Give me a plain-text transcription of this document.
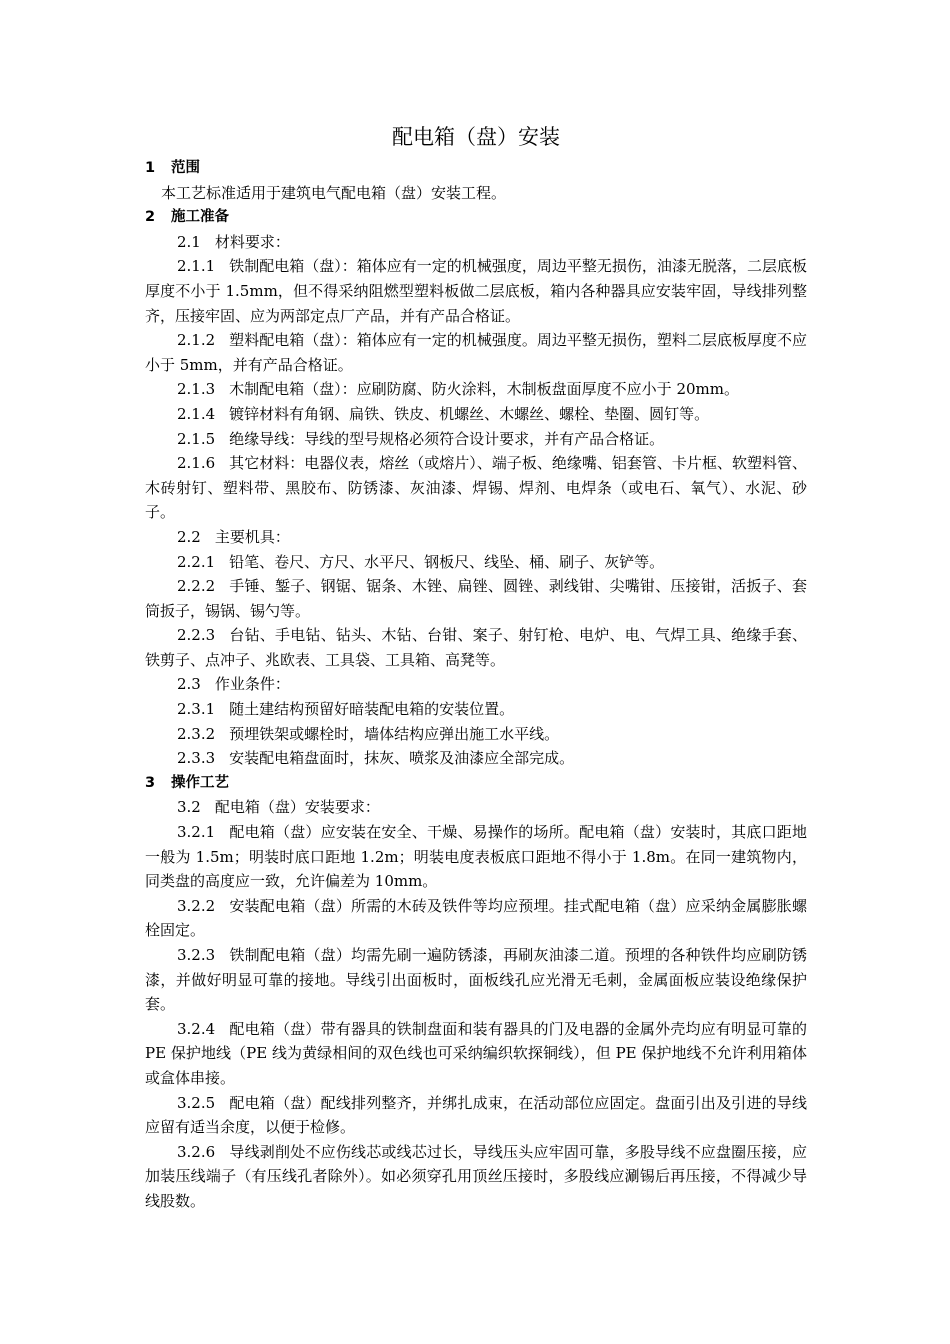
配电箱（盘）安装

1 范围

本工艺标准适用于建筑电气配电箱（盘）安装工程。

2 施工准备

2.1 材料要求：

2.1.1 铁制配电箱（盘）：箱体应有一定的机械强度，周边平整无损伤，油漆无脱落，二层底板厚度不小于 1.5mm，但不得采纳阻燃型塑料板做二层底板，箱内各种器具应安装牢固，导线排列整齐，压接牢固、应为两部定点厂产品，并有产品合格证。

2.1.2 塑料配电箱（盘）：箱体应有一定的机械强度。周边平整无损伤，塑料二层底板厚度不应小于 5mm，并有产品合格证。

2.1.3 木制配电箱（盘）：应刷防腐、防火涂料，木制板盘面厚度不应小于 20mm。

2.1.4 镀锌材料有角钢、扁铁、铁皮、机螺丝、木螺丝、螺栓、垫圈、圆钉等。

2.1.5 绝缘导线：导线的型号规格必须符合设计要求，并有产品合格证。

2.1.6 其它材料：电器仪表，熔丝（或熔片）、端子板、绝缘嘴、铝套管、卡片框、软塑料管、木砖射钉、塑料带、黑胶布、防锈漆、灰油漆、焊锡、焊剂、电焊条（或电石、氧气）、水泥、砂子。

2.2 主要机具：

2.2.1 铅笔、卷尺、方尺、水平尺、钢板尺、线坠、桶、刷子、灰铲等。

2.2.2 手锤、錾子、钢锯、锯条、木锉、扁锉、圆锉、剥线钳、尖嘴钳、压接钳，活扳子、套筒扳子，锡锅、锡勺等。

2.2.3 台钻、手电钻、钻头、木钻、台钳、案子、射钉枪、电炉、电、气焊工具、绝缘手套、铁剪子、点冲子、兆欧表、工具袋、工具箱、高凳等。

2.3 作业条件：

2.3.1 随土建结构预留好暗装配电箱的安装位置。

2.3.2 预埋铁架或螺栓时，墙体结构应弹出施工水平线。

2.3.3 安装配电箱盘面时，抹灰、喷浆及油漆应全部完成。

3 操作工艺

3.2 配电箱（盘）安装要求：

3.2.1 配电箱（盘）应安装在安全、干燥、易操作的场所。配电箱（盘）安装时，其底口距地一般为 1.5m；明装时底口距地 1.2m；明装电度表板底口距地不得小于 1.8m。在同一建筑物内，同类盘的高度应一致，允许偏差为 10mm。

3.2.2 安装配电箱（盘）所需的木砖及铁件等均应预埋。挂式配电箱（盘）应采纳金属膨胀螺栓固定。

3.2.3 铁制配电箱（盘）均需先刷一遍防锈漆，再刷灰油漆二道。预埋的各种铁件均应刷防锈漆，并做好明显可靠的接地。导线引出面板时，面板线孔应光滑无毛刺，金属面板应装设绝缘保护套。

3.2.4 配电箱（盘）带有器具的铁制盘面和装有器具的门及电器的金属外壳均应有明显可靠的 PE 保护地线（PE 线为黄绿相间的双色线也可采纳编织软探铜线），但 PE 保护地线不允许利用箱体或盒体串接。

3.2.5 配电箱（盘）配线排列整齐，并绑扎成束，在活动部位应固定。盘面引出及引进的导线应留有适当余度，以便于检修。

3.2.6 导线剥削处不应伤线芯或线芯过长，导线压头应牢固可靠，多股导线不应盘圈压接，应加装压线端子（有压线孔者除外）。如必须穿孔用顶丝压接时，多股线应涮锡后再压接，不得减少导线股数。
